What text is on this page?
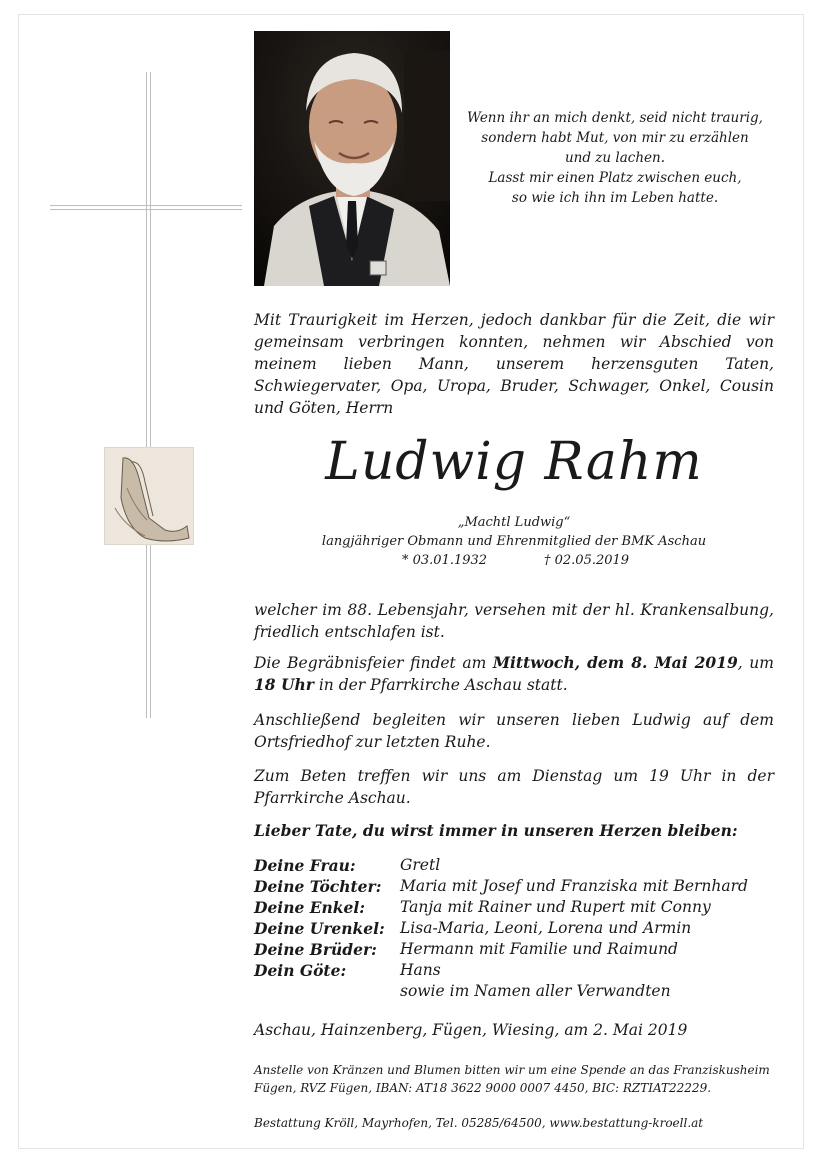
Wenn ihr an mich denkt, seid nicht traurig,
sondern habt Mut, von mir zu erzählen
und zu lachen.
Lasst mir einen Platz zwischen euch,
so wie ich ihn im Leben hatte.
Mit Traurigkeit im Herzen, jedoch dankbar für die Zeit, die wir gemeinsam verbringen konnten, nehmen wir Abschied von meinem lieben Mann, unserem herzensguten Taten, Schwiegervater, Opa, Uropa, Bruder, Schwager, Onkel, Cousin und Göten, Herrn
Ludwig Rahm
„Machtl Ludwig“
langjähriger Obmann und Ehrenmitglied der BMK Aschau
* 03.01.1932	† 02.05.2019
welcher im 88. Lebensjahr, versehen mit der hl. Krankensalbung, friedlich entschlafen ist.
Die Begräbnisfeier findet am Mittwoch, dem 8. Mai 2019, um 18 Uhr in der Pfarrkirche Aschau statt.
Anschließend begleiten wir unseren lieben Ludwig auf dem Ortsfriedhof zur letzten Ruhe.
Zum Beten treffen wir uns am Dienstag um 19 Uhr in der Pfarrkirche Aschau.
Lieber Tate, du wirst immer in unseren Herzen bleiben:
Deine Frau:	Gretl
Deine Töchter:	Maria mit Josef und Franziska mit Bernhard
Deine Enkel:	Tanja mit Rainer und Rupert mit Conny
Deine Urenkel: Lisa-Maria, Leoni, Lorena und Armin
Deine Brüder:	Hermann mit Familie und Raimund
Dein Göte:	Hans
sowie im Namen aller Verwandten
Aschau, Hainzenberg, Fügen, Wiesing, am 2. Mai 2019
Anstelle von Kränzen und Blumen bitten wir um eine Spende an das Franziskusheim Fügen, RVZ Fügen, IBAN: AT18 3622 9000 0007 4450, BIC: RZTIAT22229.
Bestattung Kröll, Mayrhofen, Tel. 05285/64500, www.bestattung-kroell.at
